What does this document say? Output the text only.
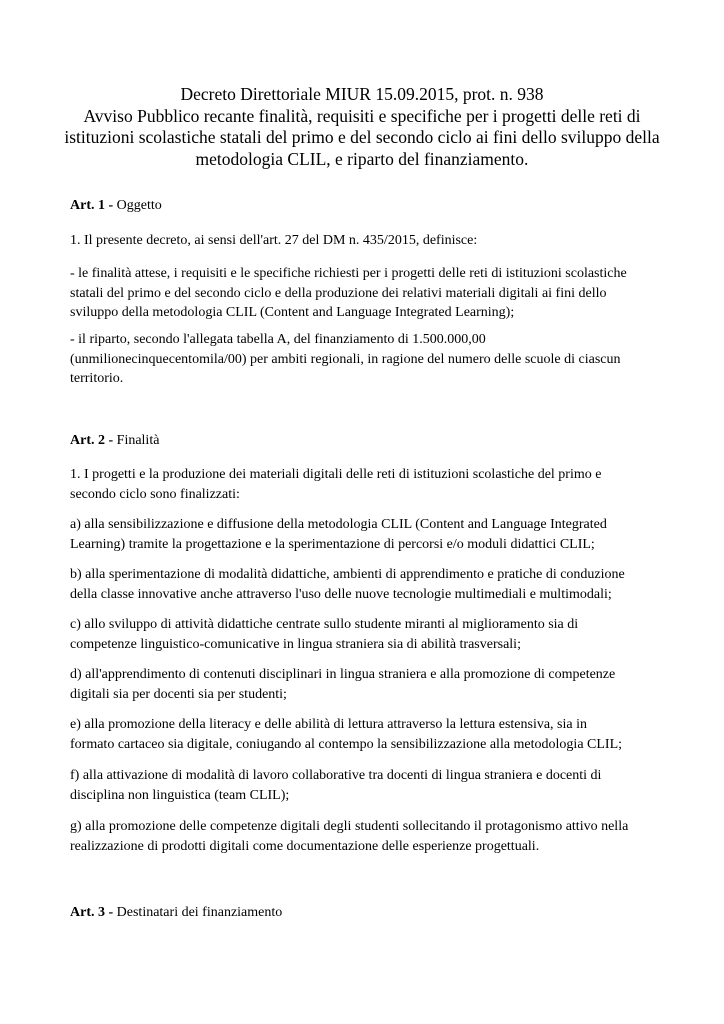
Decreto Direttoriale MIUR 15.09.2015, prot. n. 938
Avviso Pubblico recante finalità, requisiti e specifiche per i progetti delle reti di
istituzioni scolastiche statali del primo e del secondo ciclo ai fini dello sviluppo della
metodologia CLIL, e riparto del finanziamento.
Art. 1 - Oggetto
1. Il presente decreto, ai sensi dell'art. 27 del DM n. 435/2015, definisce:
- le finalità attese, i requisiti e le specifiche richiesti per i progetti delle reti di istituzioni scolastiche
statali del primo e del secondo ciclo e della produzione dei relativi materiali digitali ai fini dello
sviluppo della metodologia CLIL (Content and Language Integrated Learning);
- il riparto, secondo l'allegata tabella A, del finanziamento di 1.500.000,00
(unmilionecinquecentomila/00) per ambiti regionali, in ragione del numero delle scuole di ciascun
territorio.
Art. 2 - Finalità
1. I progetti e la produzione dei materiali digitali delle reti di istituzioni scolastiche del primo e
secondo ciclo sono finalizzati:
a) alla sensibilizzazione e diffusione della metodologia CLIL (Content and Language Integrated
Learning) tramite la progettazione e la sperimentazione di percorsi e/o moduli didattici CLIL;
b) alla sperimentazione di modalità didattiche, ambienti di apprendimento e pratiche di conduzione
della classe innovative anche attraverso l'uso delle nuove tecnologie multimediali e multimodali;
c) allo sviluppo di attività didattiche centrate sullo studente miranti al miglioramento sia di
competenze linguistico-comunicative in lingua straniera sia di abilità trasversali;
d) all'apprendimento di contenuti disciplinari in lingua straniera e alla promozione di competenze
digitali sia per docenti sia per studenti;
e) alla promozione della literacy e delle abilità di lettura attraverso la lettura estensiva, sia in
formato cartaceo sia digitale, coniugando al contempo la sensibilizzazione alla metodologia CLIL;
f) alla attivazione di modalità di lavoro collaborative tra docenti di lingua straniera e docenti di
disciplina non linguistica (team CLIL);
g) alla promozione delle competenze digitali degli studenti sollecitando il protagonismo attivo nella
realizzazione di prodotti digitali come documentazione delle esperienze progettuali.
Art. 3 - Destinatari dei finanziamento
